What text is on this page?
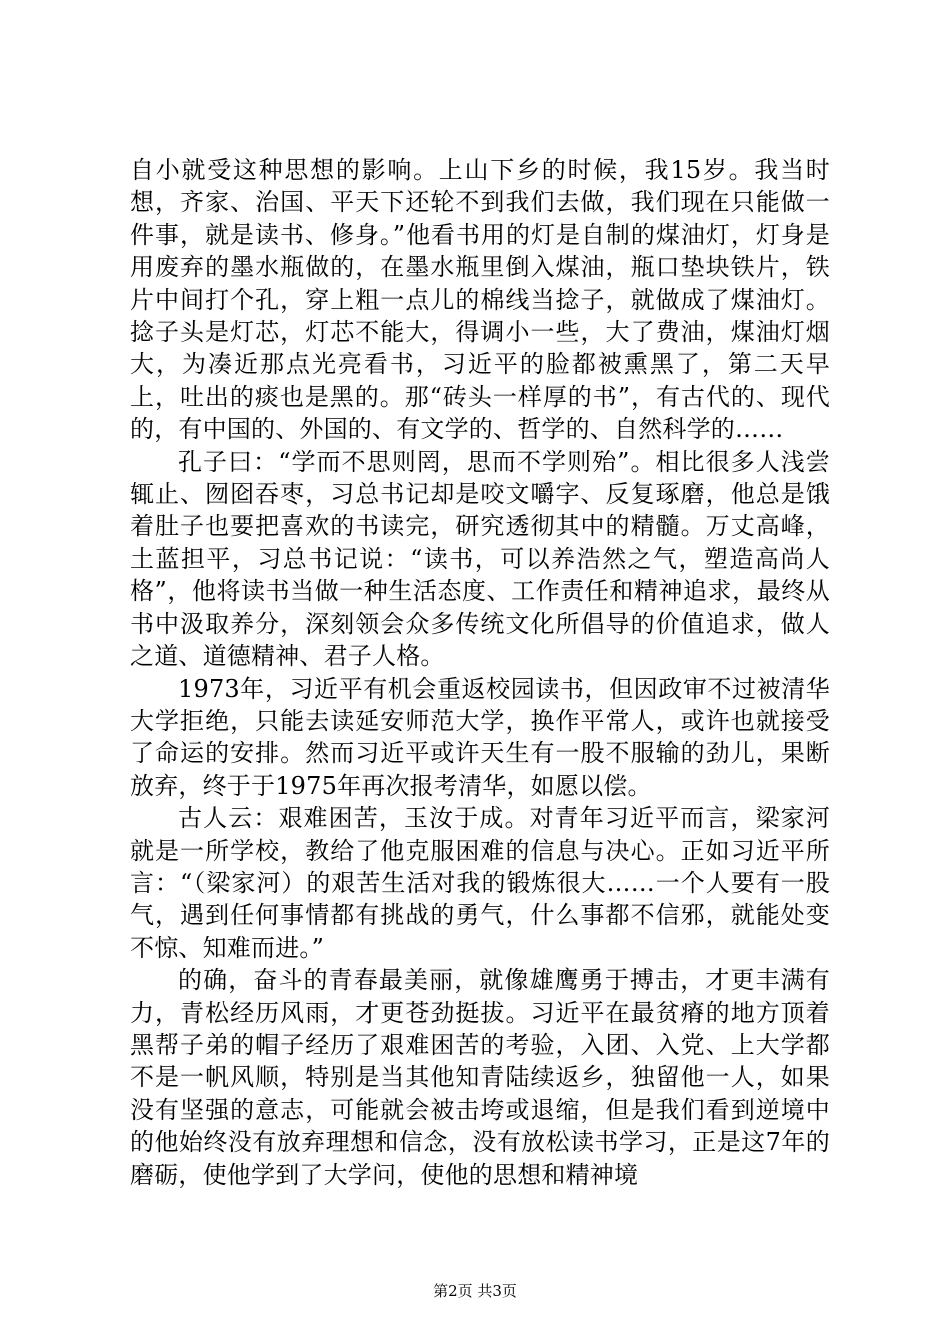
自小就受这种思想的影响。上山下乡的时候，我15岁。我当时想，齐家、治国、平天下还轮不到我们去做，我们现在只能做一件事，就是读书、修身。”他看书用的灯是自制的煤油灯，灯身是用废弃的墨水瓶做的，在墨水瓶里倒入煤油，瓶口垫块铁片，铁片中间打个孔，穿上粗一点儿的棉线当捻子，就做成了煤油灯。捻子头是灯芯，灯芯不能大，得调小一些，大了费油，煤油灯烟大，为凑近那点光亮看书，习近平的脸都被熏黑了，第二天早上，吐出的痰也是黑的。那“砖头一样厚的书”，有古代的、现代的，有中国的、外国的、有文学的、哲学的、自然科学的……

孔子曰：“学而不思则罔，思而不学则殆”。相比很多人浅尝辄止、囫囵吞枣，习总书记却是咬文嚼字、反复琢磨，他总是饿着肚子也要把喜欢的书读完，研究透彻其中的精髓。万丈高峰，土蓝担平，习总书记说：“读书，可以养浩然之气，塑造高尚人格”，他将读书当做一种生活态度、工作责任和精神追求，最终从书中汲取养分，深刻领会众多传统文化所倡导的价值追求，做人之道、道德精神、君子人格。

1973年，习近平有机会重返校园读书，但因政审不过被清华大学拒绝，只能去读延安师范大学，换作平常人，或许也就接受了命运的安排。然而习近平或许天生有一股不服输的劲儿，果断放弃，终于于1975年再次报考清华，如愿以偿。

古人云：艰难困苦，玉汝于成。对青年习近平而言，梁家河就是一所学校，教给了他克服困难的信息与决心。正如习近平所言：“（梁家河）的艰苦生活对我的锻炼很大……一个人要有一股气，遇到任何事情都有挑战的勇气，什么事都不信邪，就能处变不惊、知难而进。”

的确，奋斗的青春最美丽，就像雄鹰勇于搏击，才更丰满有力，青松经历风雨，才更苍劲挺拔。习近平在最贫瘠的地方顶着黑帮子弟的帽子经历了艰难困苦的考验，入团、入党、上大学都不是一帆风顺，特别是当其他知青陆续返乡，独留他一人，如果没有坚强的意志，可能就会被击垮或退缩，但是我们看到逆境中的他始终没有放弃理想和信念，没有放松读书学习，正是这7年的磨砺，使他学到了大学问，使他的思想和精神境

第2页 共3页
